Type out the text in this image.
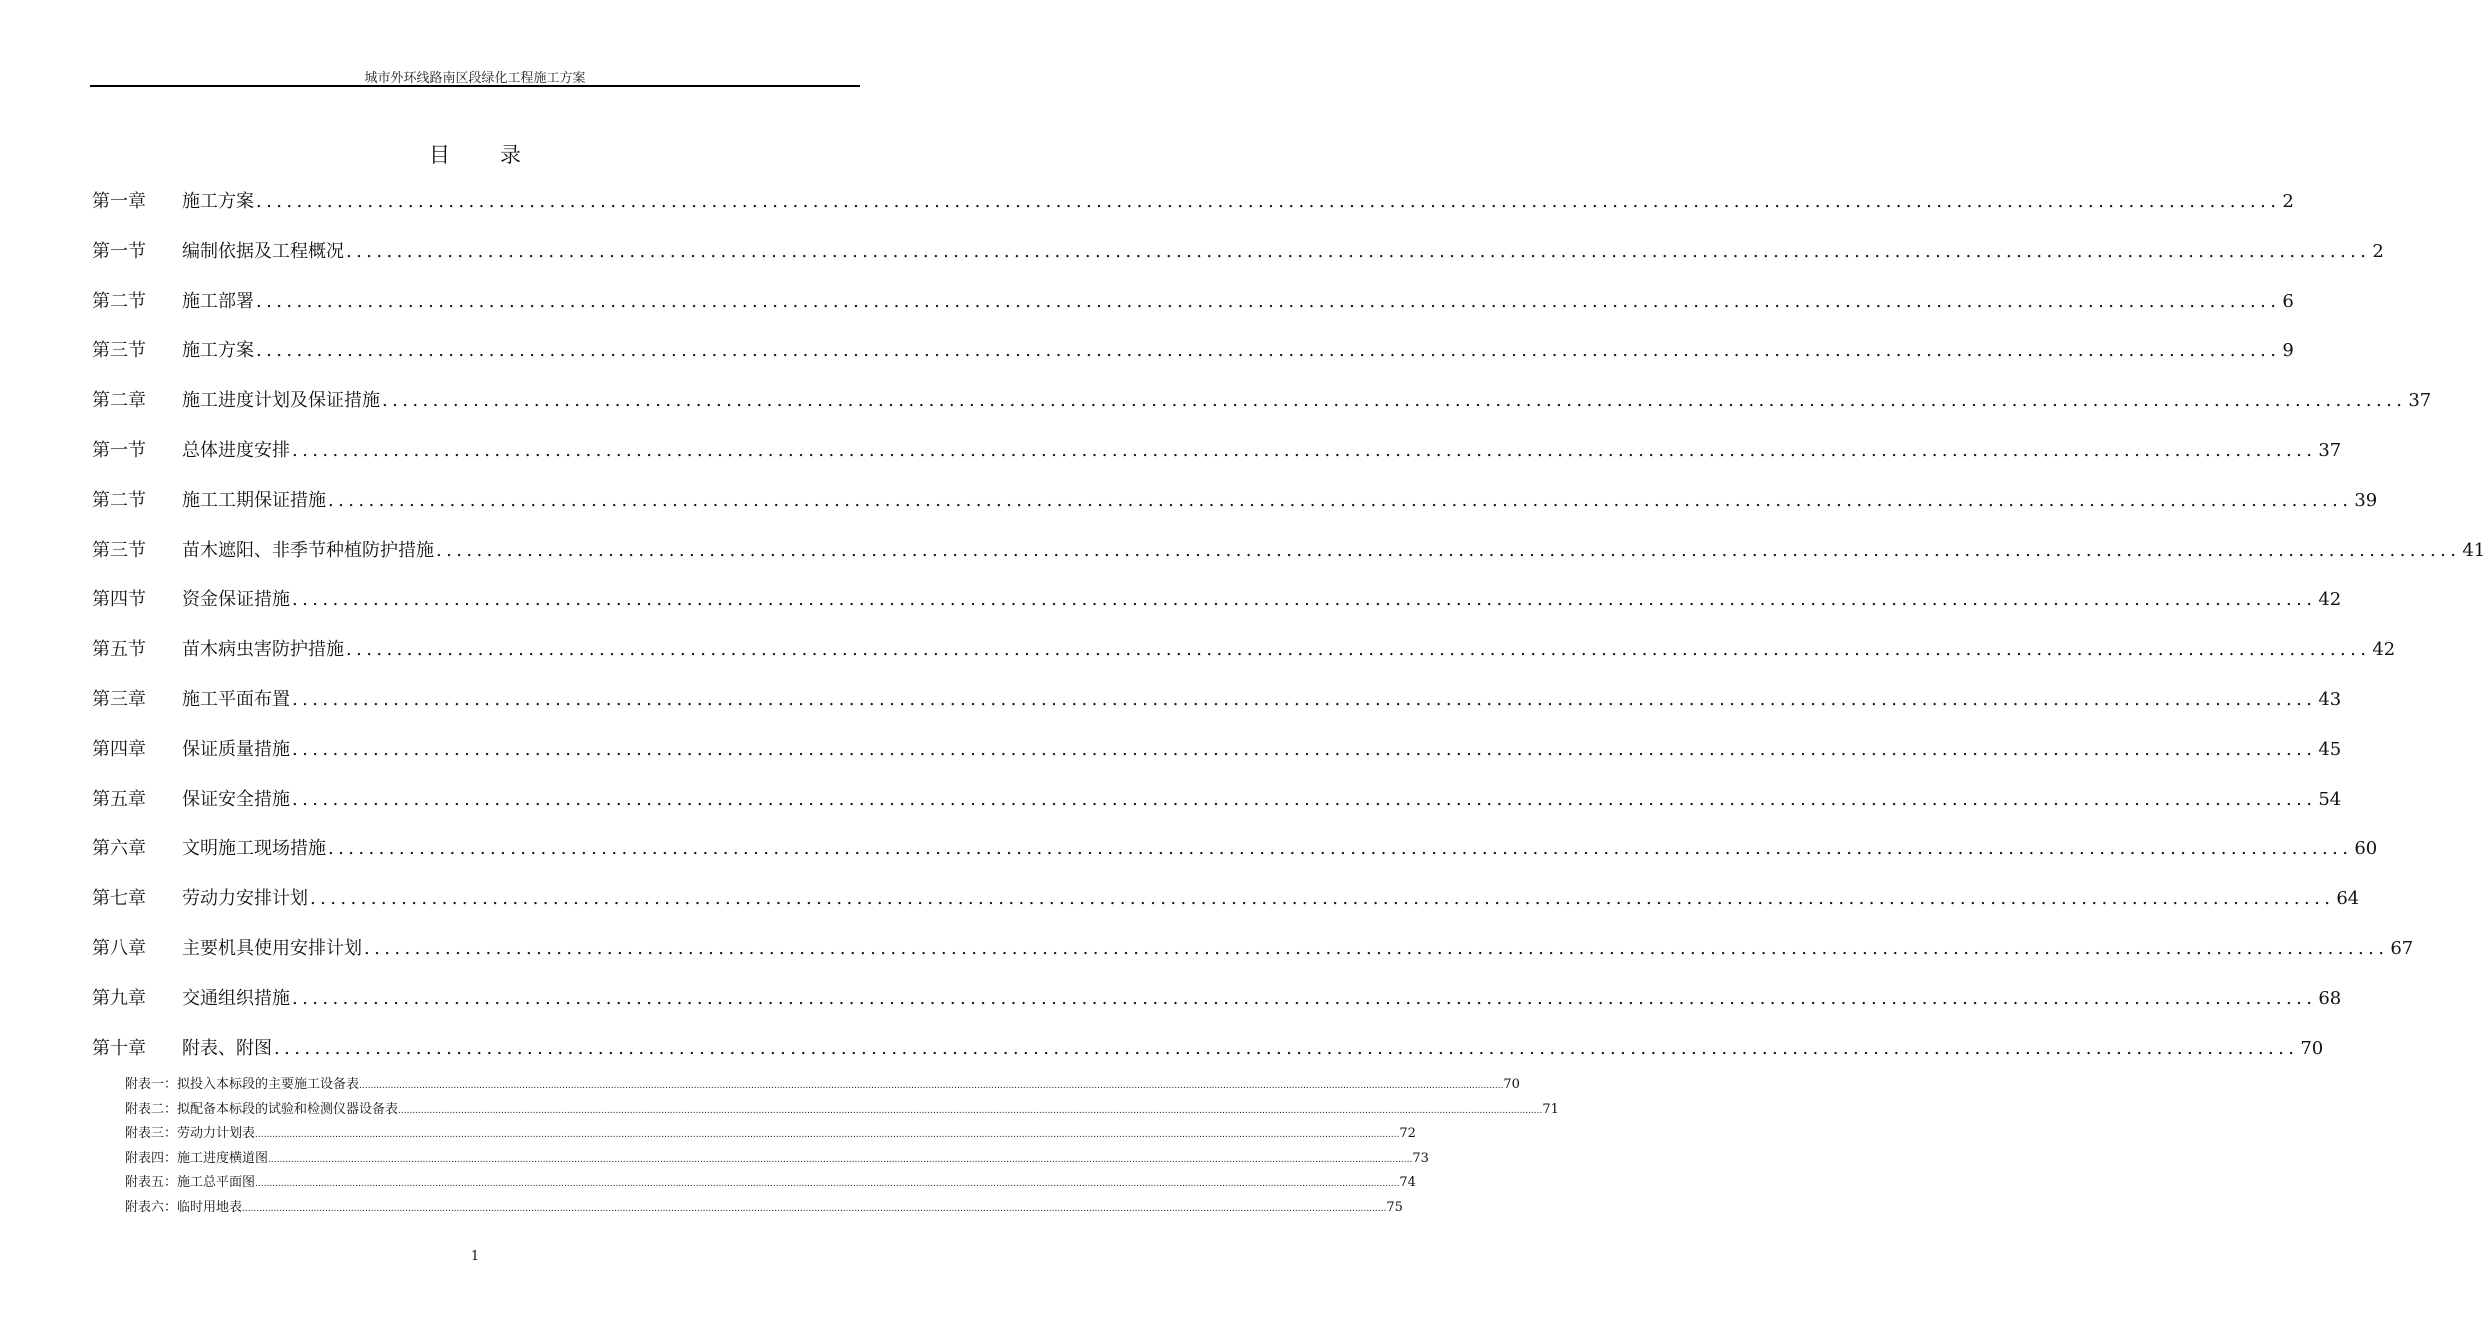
城市外环线路南区段绿化工程施工方案
目录
第一章	施工方案 ........................................................................................................................................................................................................ 2
第一节	编制依据及工程概况 ........................................................................................................................................................................................................ 2
第二节	施工部署 ........................................................................................................................................................................................................ 6
第三节	施工方案 ........................................................................................................................................................................................................ 9
第二章	施工进度计划及保证措施 ........................................................................................................................................................................................................ 37
第一节	总体进度安排 ........................................................................................................................................................................................................ 37
第二节	施工工期保证措施 ........................................................................................................................................................................................................ 39
第三节	苗木遮阳、非季节种植防护措施 ........................................................................................................................................................................................................ 41
第四节	资金保证措施 ........................................................................................................................................................................................................ 42
第五节	苗木病虫害防护措施 ........................................................................................................................................................................................................ 42
第三章	施工平面布置 ........................................................................................................................................................................................................ 43
第四章	保证质量措施 ........................................................................................................................................................................................................ 45
第五章	保证安全措施 ........................................................................................................................................................................................................ 54
第六章	文明施工现场措施 ........................................................................................................................................................................................................ 60
第七章	劳动力安排计划 ........................................................................................................................................................................................................ 64
第八章	主要机具使用安排计划 ........................................................................................................................................................................................................ 67
第九章	交通组织措施 ........................................................................................................................................................................................................ 68
第十章	附表、附图 ........................................................................................................................................................................................................ 70
附表一： 拟投入本标段的主要施工设备表 ................................................................................................................................................................................................................................................................................................................................................................................................................ 70
附表二： 拟配备本标段的试验和检测仪器设备表 ................................................................................................................................................................................................................................................................................................................................................................................................................ 71
附表三： 劳动力计划表 ................................................................................................................................................................................................................................................................................................................................................................................................................ 72
附表四： 施工进度横道图 ................................................................................................................................................................................................................................................................................................................................................................................................................ 73
附表五： 施工总平面图 ................................................................................................................................................................................................................................................................................................................................................................................................................ 74
附表六： 临时用地表 ................................................................................................................................................................................................................................................................................................................................................................................................................ 75
1
